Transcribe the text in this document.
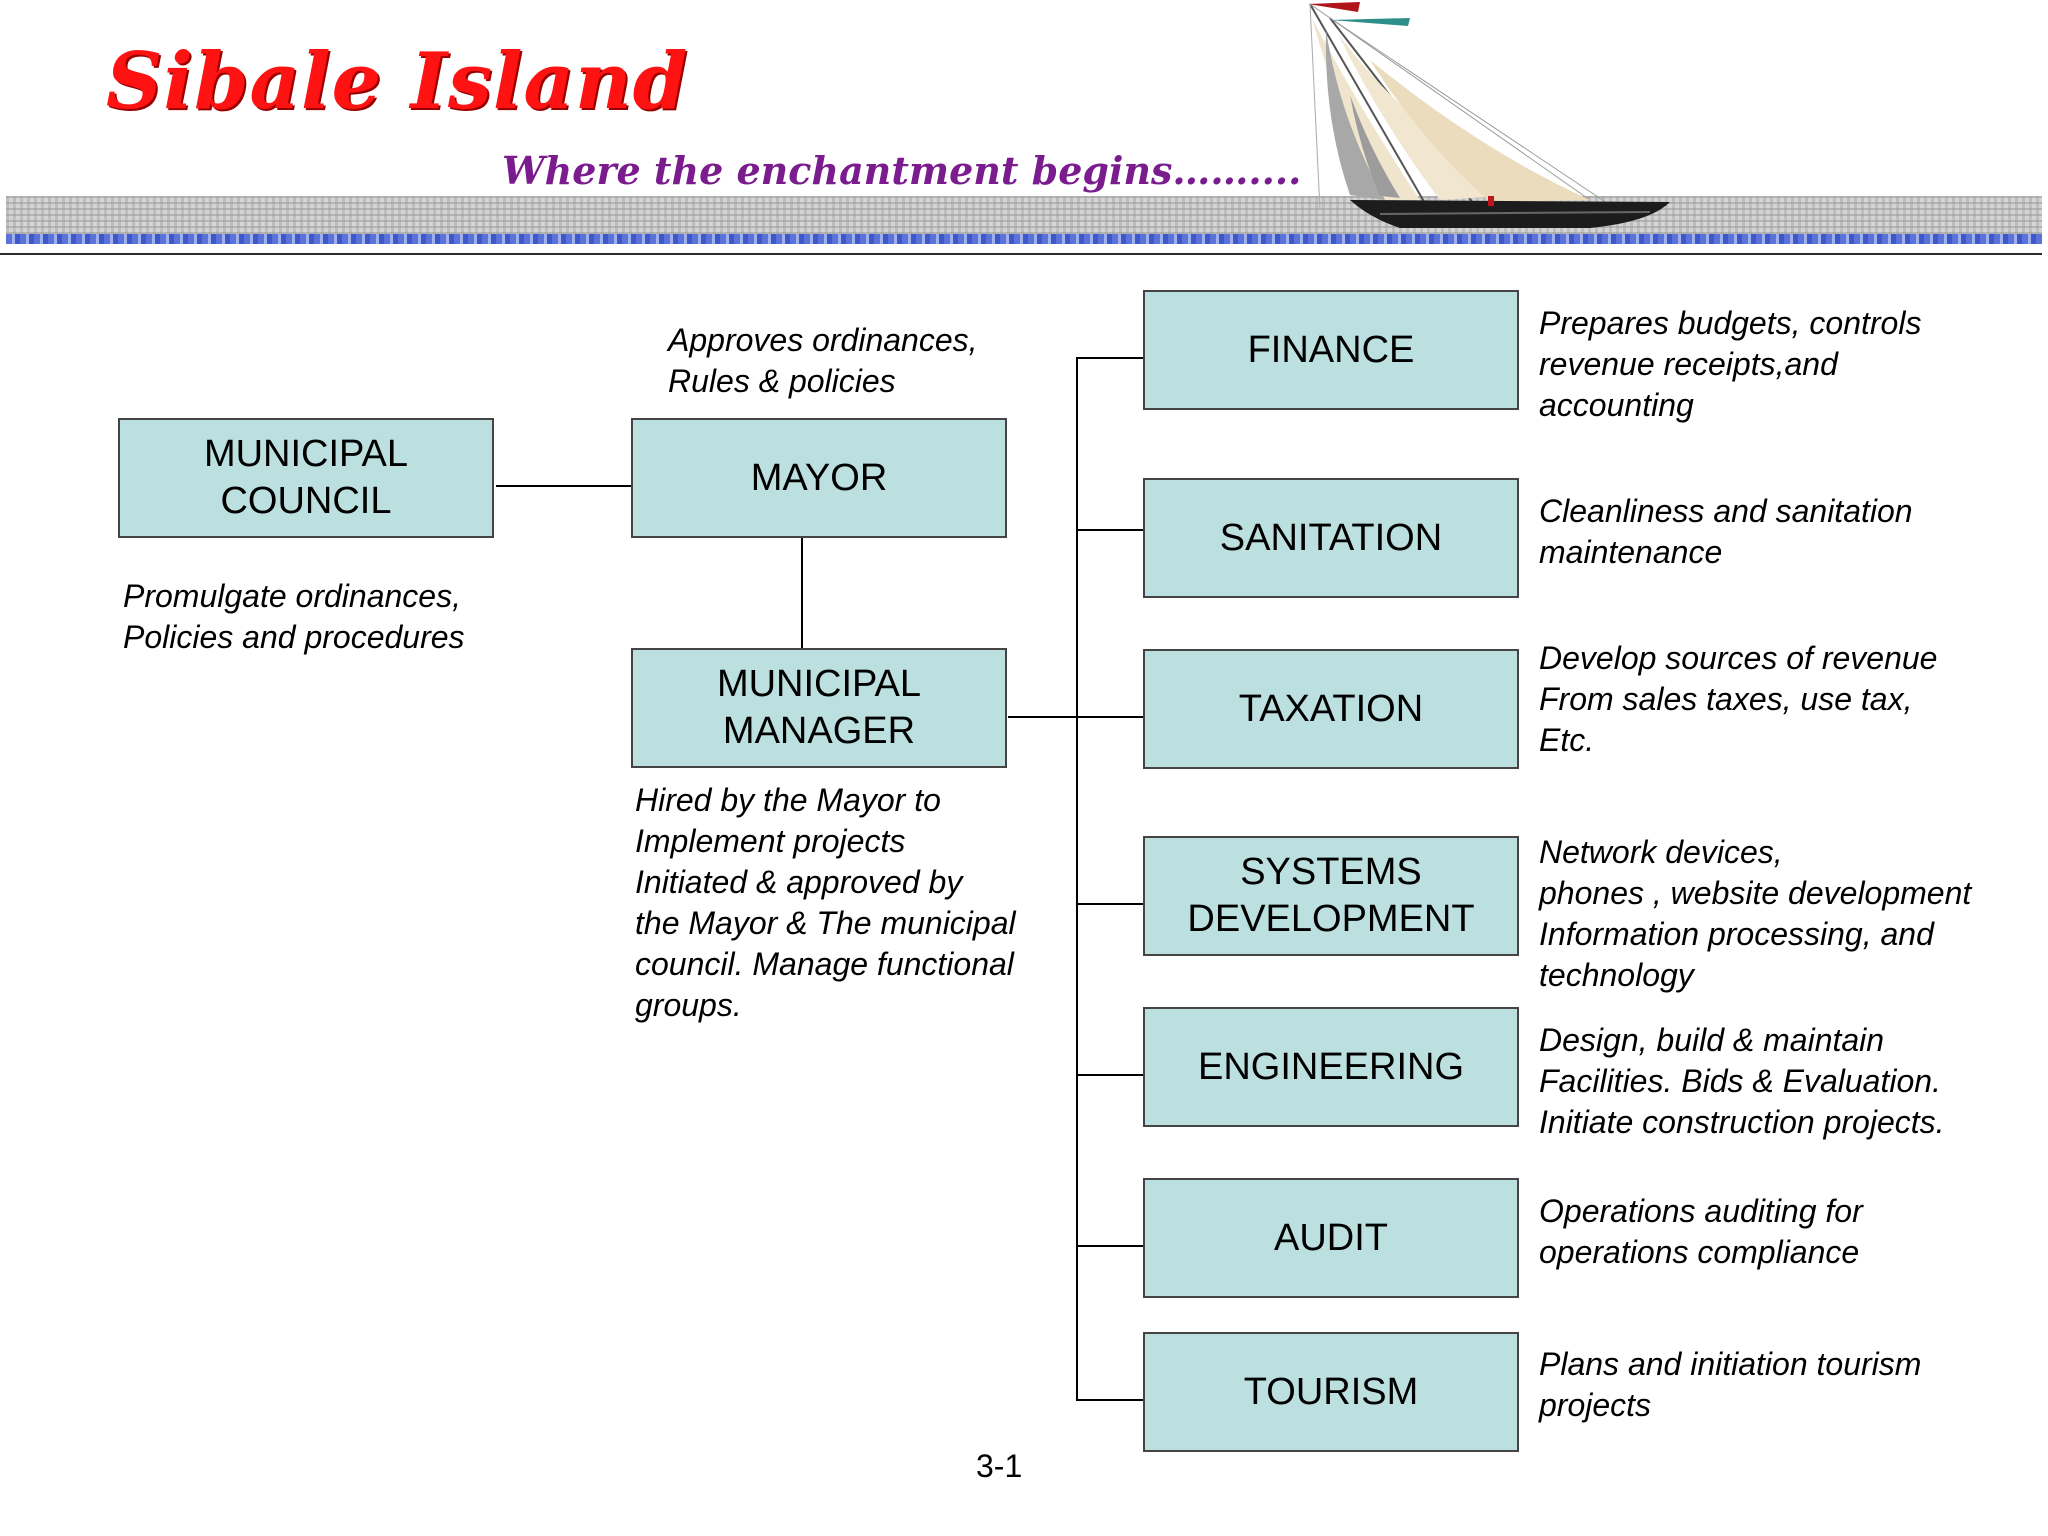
Sibale Island
Where the enchantment begins……....
MUNICIPAL
COUNCIL
MAYOR
MUNICIPAL
MANAGER
FINANCE
SANITATION
TAXATION
SYSTEMS
DEVELOPMENT
ENGINEERING
AUDIT
TOURISM
Approves ordinances,
Rules & policies
Promulgate ordinances,
Policies and procedures
Hired by the Mayor to
Implement projects
Initiated & approved by
the Mayor & The municipal
council. Manage functional
groups.
Prepares budgets, controls
revenue receipts,and
accounting
Cleanliness and sanitation
maintenance
Develop sources of revenue
From sales taxes, use tax,
Etc.
Network devices,
phones , website development
Information processing, and
technology
Design, build & maintain
Facilities. Bids & Evaluation.
Initiate construction projects.
Operations auditing for
operations compliance
Plans and initiation tourism
projects
3-1
